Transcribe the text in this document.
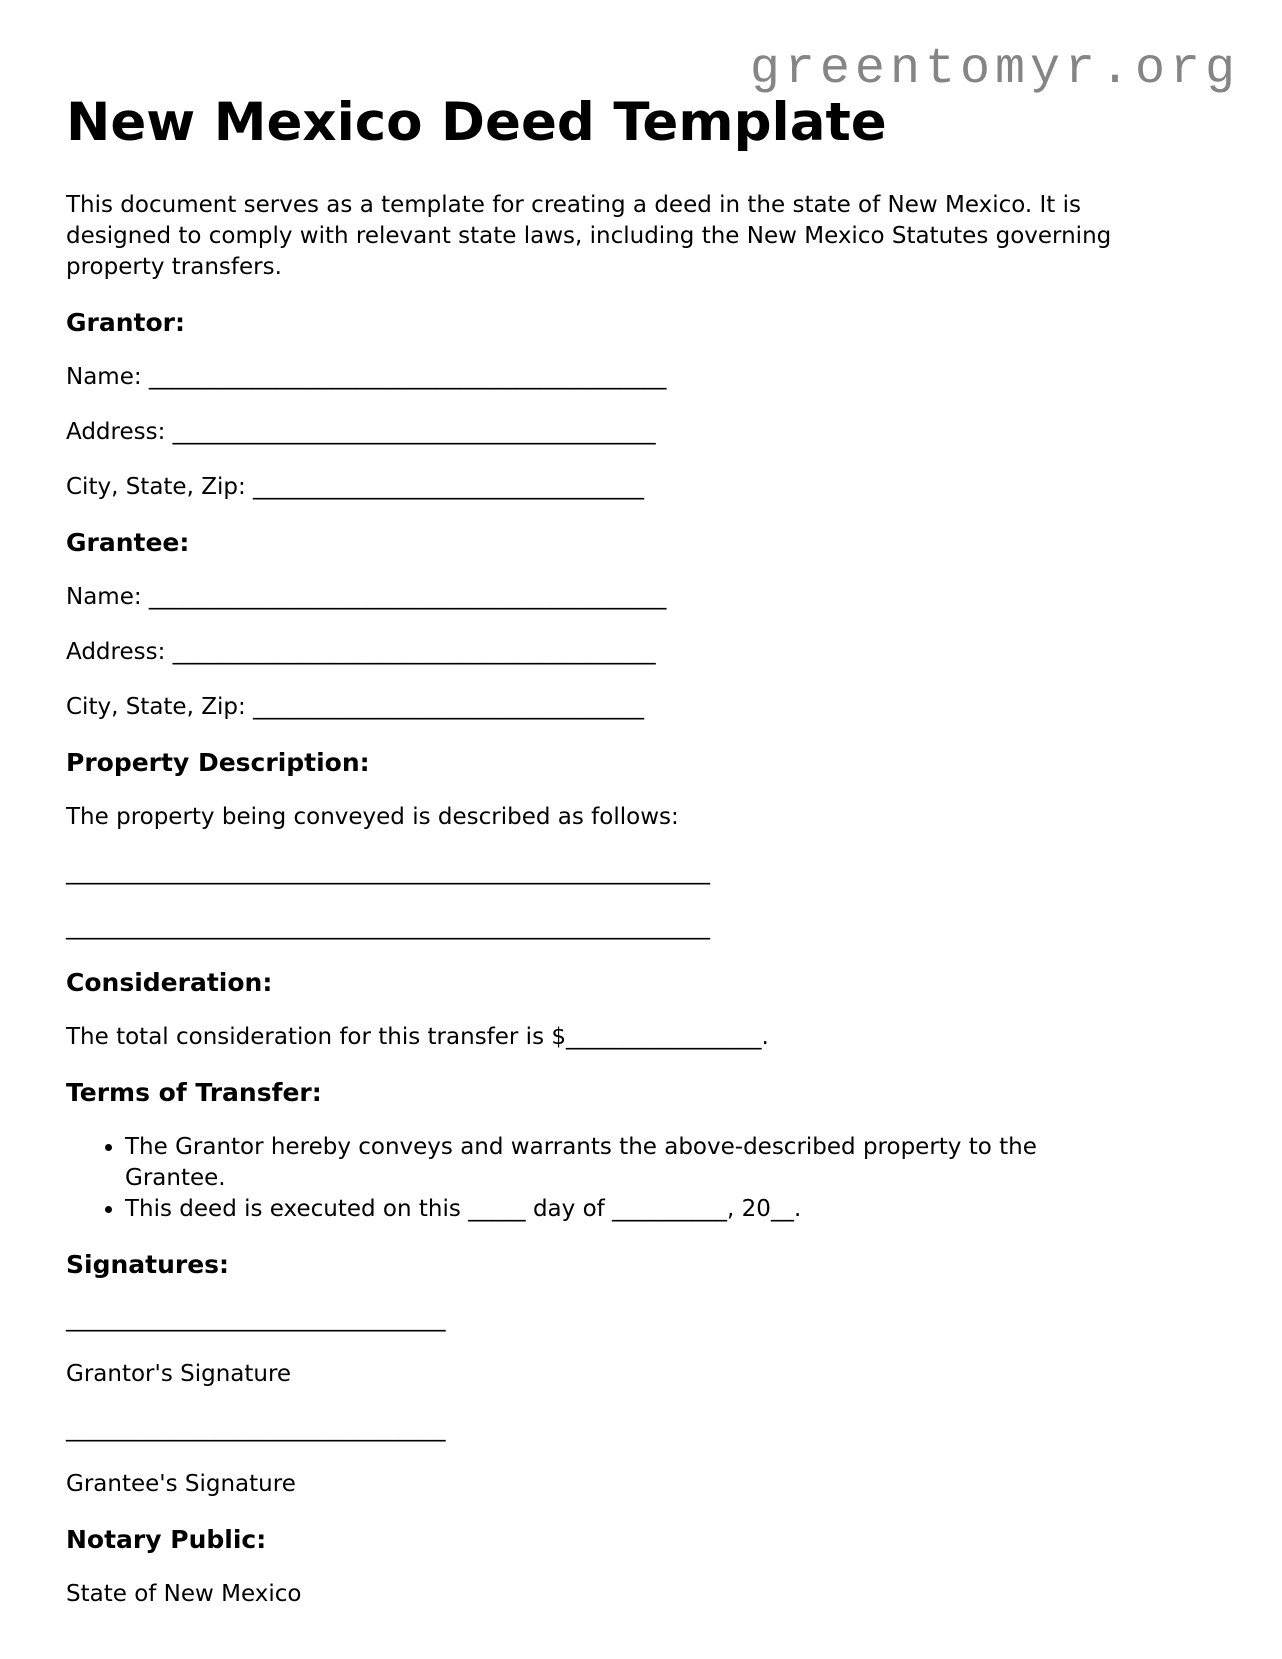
greentomyr.org
New Mexico Deed Template

This document serves as a template for creating a deed in the state of New Mexico. It is
designed to comply with relevant state laws, including the New Mexico Statutes governing
property transfers.

Grantor:

Name: _____________________________________________

Address: __________________________________________

City, State, Zip: __________________________________

Grantee:

Name: _____________________________________________

Address: __________________________________________

City, State, Zip: __________________________________

Property Description:

The property being conveyed is described as follows:

________________________________________________________

________________________________________________________

Consideration:

The total consideration for this transfer is $_________________.

Terms of Transfer:

• The Grantor hereby conveys and warrants the above-described property to the
Grantee.
• This deed is executed on this _____ day of __________, 20__.

Signatures:

_________________________________

Grantor's Signature

_________________________________

Grantee's Signature

Notary Public:

State of New Mexico
